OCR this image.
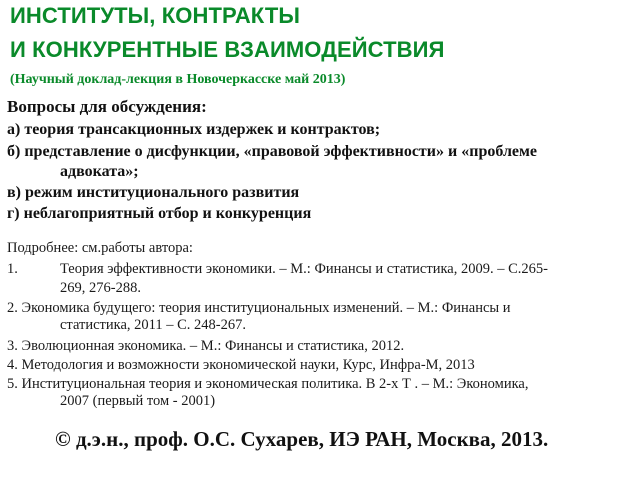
ИНСТИТУТЫ, КОНТРАКТЫ
И КОНКУРЕНТНЫЕ ВЗАИМОДЕЙСТВИЯ
(Научный доклад-лекция в Новочеркасске май 2013)
Вопросы для обсуждения:
а) теория трансакционных издержек и контрактов;
б) представление о дисфункции, «правовой эффективности» и «проблеме
адвоката»;
в) режим институционального развития
г) неблагоприятный отбор и конкуренция
Подробнее: см.работы автора:
1.	Теория эффективности экономики. – М.: Финансы и статистика, 2009. – С.265-
269, 276-288.
2. Экономика будущего: теория институциональных изменений. – М.: Финансы и
статистика, 2011 – С. 248-267.
3. Эволюционная экономика. – М.: Финансы и статистика, 2012.
4. Методология и возможности экономической науки, Курс, Инфра-М, 2013
5. Институциональная теория и экономическая политика. В 2-х Т . – М.: Экономика,
2007 (первый том - 2001)
© д.э.н., проф. О.С. Сухарев, ИЭ РАН, Москва, 2013.
